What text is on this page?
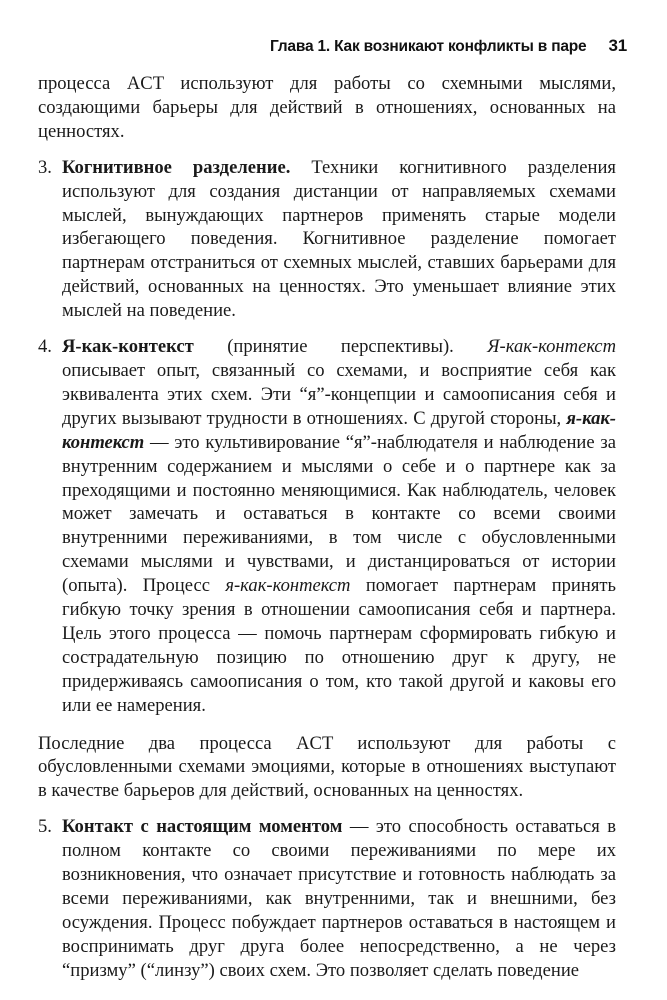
Глава 1. Как возникают конфликты в паре 31

процесса ACT используют для работы со схемными мыслями, создающими барьеры для действий в отношениях, основанных на ценностях.

3. Когнитивное разделение. Техники когнитивного разделения используют для создания дистанции от направляемых схемами мыслей, вынуждающих партнеров применять старые модели избегающего поведения. Когнитивное разделение помогает партнерам отстраниться от схемных мыслей, ставших барьерами для действий, основанных на ценностях. Это уменьшает влияние этих мыслей на поведение.

4. Я-как-контекст (принятие перспективы). Я-как-контекст описывает опыт, связанный со схемами, и восприятие себя как эквивалента этих схем. Эти “я”-концепции и самоописания себя и других вызывают трудности в отношениях. С другой стороны, я-как-контекст — это культивирование “я”-наблюдателя и наблюдение за внутренним содержанием и мыслями о себе и о партнере как за преходящими и постоянно меняющимися. Как наблюдатель, человек может замечать и оставаться в контакте со всеми своими внутренними переживаниями, в том числе с обусловленными схемами мыслями и чувствами, и дистанцироваться от истории (опыта). Процесс я-как-контекст помогает партнерам принять гибкую точку зрения в отношении самоописания себя и партнера. Цель этого процесса — помочь партнерам сформировать гибкую и сострадательную позицию по отношению друг к другу, не придерживаясь самоописания о том, кто такой другой и каковы его или ее намерения.

Последние два процесса ACT используют для работы с обусловленными схемами эмоциями, которые в отношениях выступают в качестве барьеров для действий, основанных на ценностях.

5. Контакт с настоящим моментом — это способность оставаться в полном контакте со своими переживаниями по мере их возникновения, что означает присутствие и готовность наблюдать за всеми переживаниями, как внутренними, так и внешними, без осуждения. Процесс побуждает партнеров оставаться в настоящем и воспринимать друг друга более непосредственно, а не через “призму” (“линзу”) своих схем. Это позволяет сделать поведение
